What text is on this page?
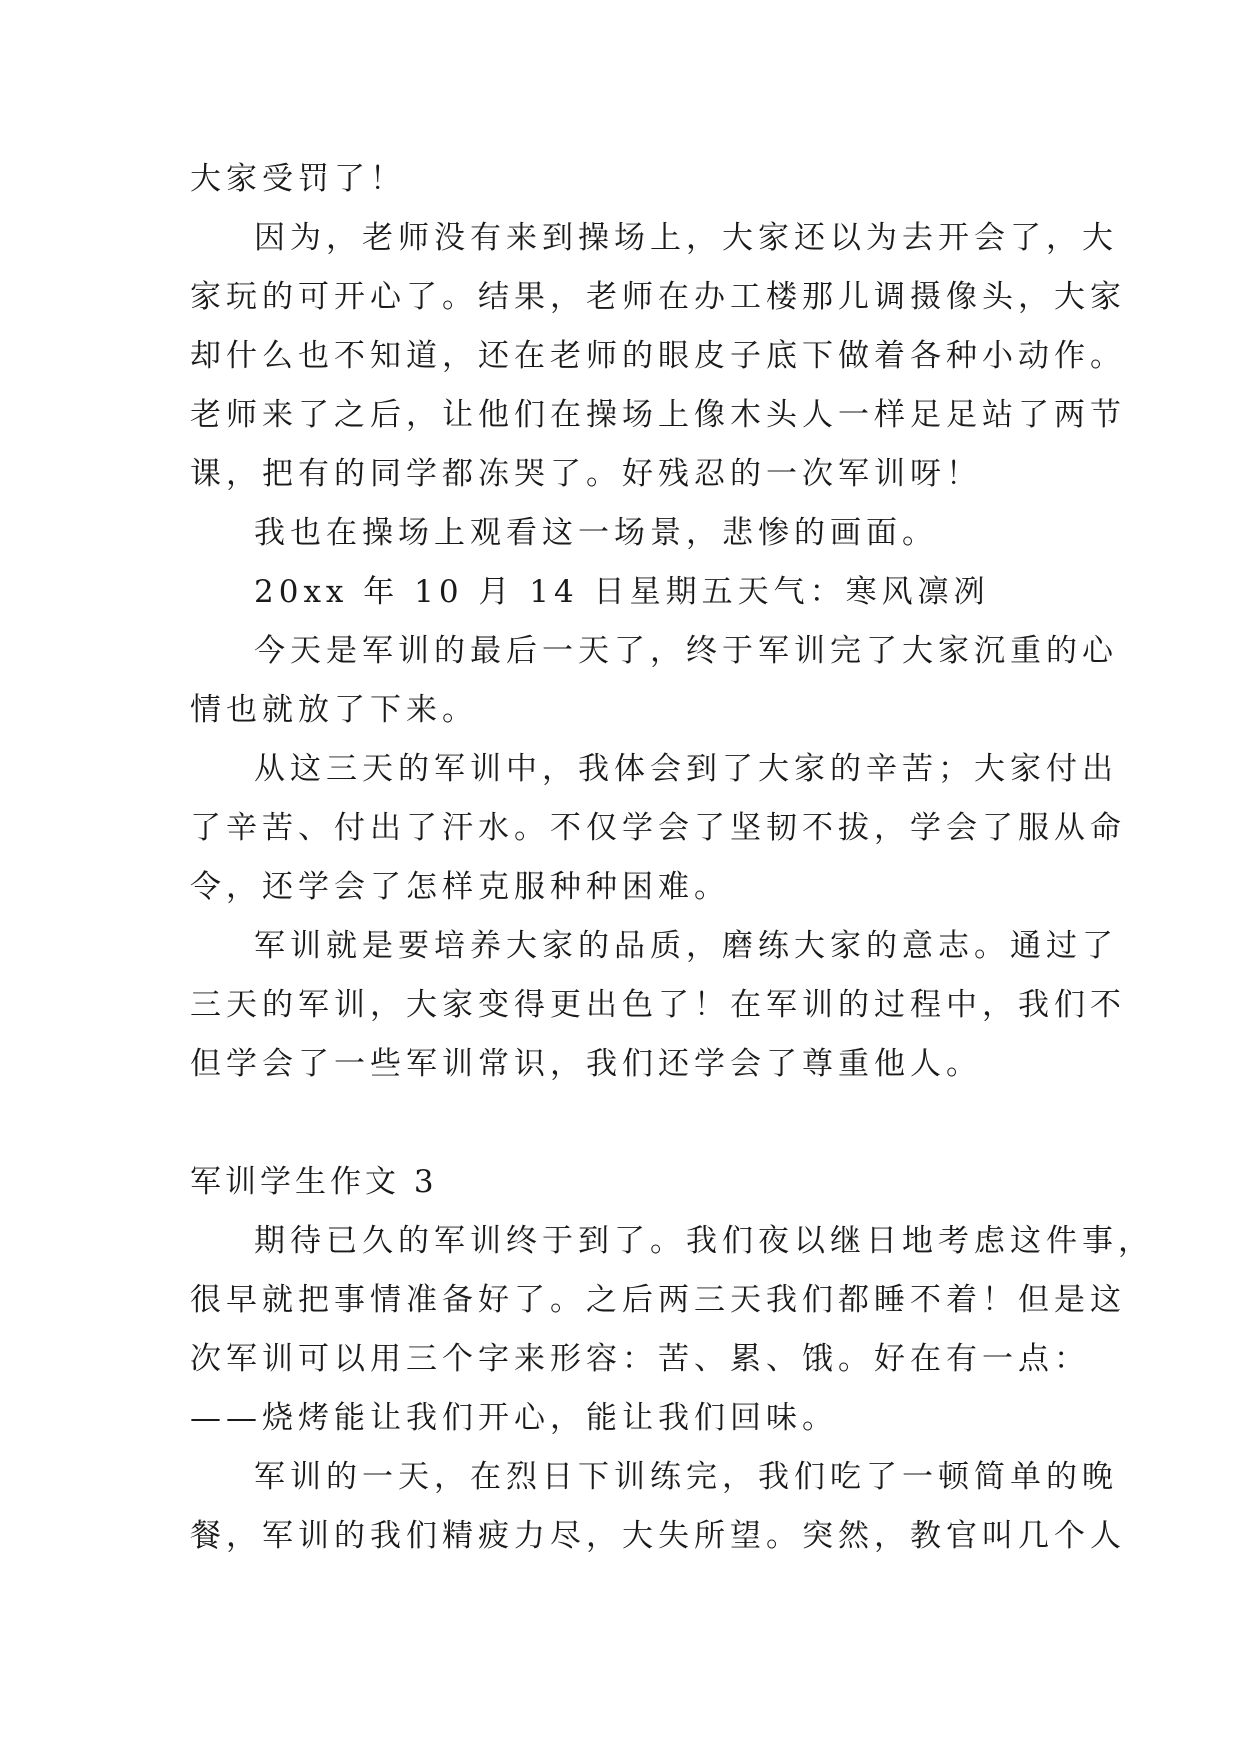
大家受罚了！
因为，老师没有来到操场上，大家还以为去开会了，大
家玩的可开心了。结果，老师在办工楼那儿调摄像头，大家
却什么也不知道，还在老师的眼皮子底下做着各种小动作。
老师来了之后，让他们在操场上像木头人一样足足站了两节
课，把有的同学都冻哭了。好残忍的一次军训呀！
我也在操场上观看这一场景，悲惨的画面。
20xx 年 10 月 14 日星期五天气：寒风凛冽
今天是军训的最后一天了，终于军训完了大家沉重的心
情也就放了下来。
从这三天的军训中，我体会到了大家的辛苦；大家付出
了辛苦、付出了汗水。不仅学会了坚韧不拔，学会了服从命
令，还学会了怎样克服种种困难。
军训就是要培养大家的品质，磨练大家的意志。通过了
三天的军训，大家变得更出色了！在军训的过程中，我们不
但学会了一些军训常识，我们还学会了尊重他人。
军训学生作文 3
期待已久的军训终于到了。我们夜以继日地考虑这件事，
很早就把事情准备好了。之后两三天我们都睡不着！但是这
次军训可以用三个字来形容：苦、累、饿。好在有一点：
——烧烤能让我们开心，能让我们回味。
军训的一天，在烈日下训练完，我们吃了一顿简单的晚
餐，军训的我们精疲力尽，大失所望。突然，教官叫几个人
